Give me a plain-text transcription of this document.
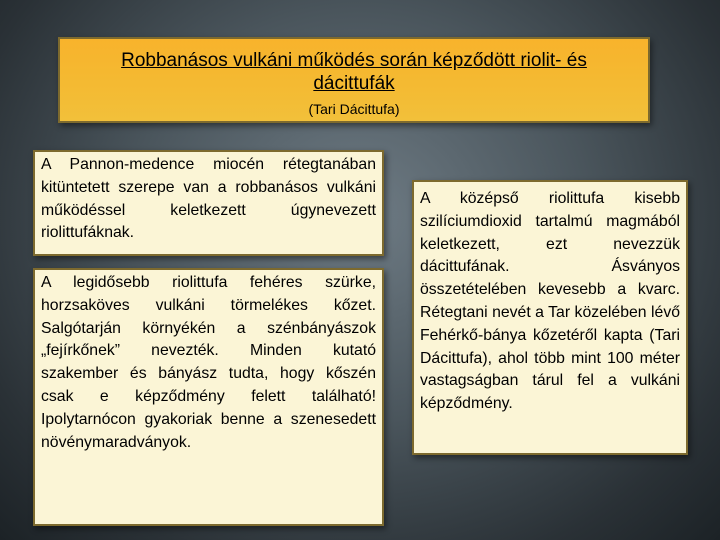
Robbanásos vulkáni működés során képződött riolit- és dácittufák
(Tari Dácittufa)
A Pannon-medence miocén rétegtanában kitüntetett szerepe van a robbanásos vulkáni működéssel keletkezett úgynevezett riolittufáknak.
A legidősebb riolittufa fehéres szürke, horzsaköves vulkáni törmelékes kőzet. Salgótarján környékén a szénbányászok „fejírkőnek” nevezték. Minden kutató szakember és bányász tudta, hogy kőszén csak e képződmény felett található! Ipolytarnócon gyakoriak benne a szenesedett növénymaradványok.
A középső riolittufa kisebb szilíciumdioxid tartalmú magmából keletkezett, ezt nevezzük dácittufának. Ásványos összetételében kevesebb a kvarc. Rétegtani nevét a Tar közelében lévő Fehérkő-bánya kőzetéről kapta (Tari Dácittufa), ahol több mint 100 méter vastagságban tárul fel a vulkáni képződmény.
